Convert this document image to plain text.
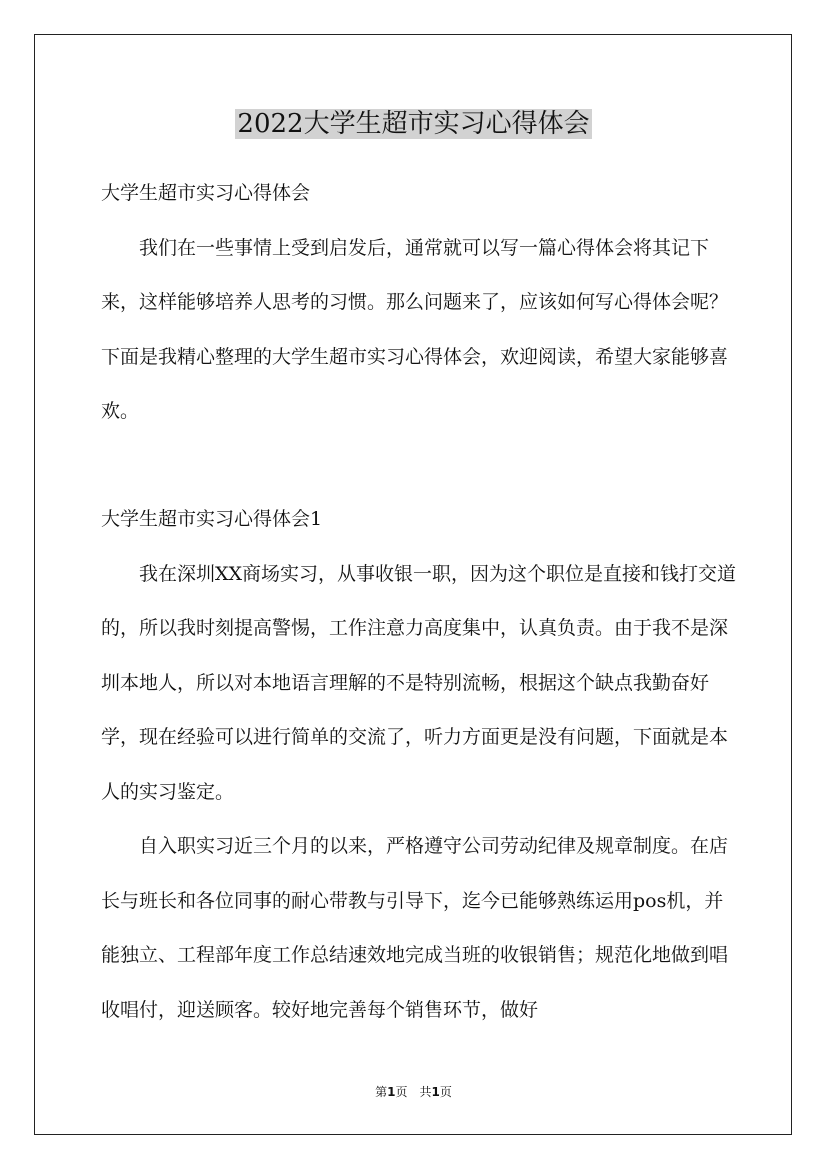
2022大学生超市实习心得体会

大学生超市实习心得体会

我们在一些事情上受到启发后，通常就可以写一篇心得体会将其记下来，这样能够培养人思考的习惯。那么问题来了，应该如何写心得体会呢？下面是我精心整理的大学生超市实习心得体会，欢迎阅读，希望大家能够喜欢。

大学生超市实习心得体会1

我在深圳XX商场实习，从事收银一职，因为这个职位是直接和钱打交道的，所以我时刻提高警惕，工作注意力高度集中，认真负责。由于我不是深圳本地人，所以对本地语言理解的不是特别流畅，根据这个缺点我勤奋好学，现在经验可以进行简单的交流了，听力方面更是没有问题，下面就是本人的实习鉴定。

自入职实习近三个月的以来，严格遵守公司劳动纪律及规章制度。在店长与班长和各位同事的耐心带教与引导下，迄今已能够熟练运用pos机，并能独立、工程部年度工作总结速效地完成当班的收银销售；规范化地做到唱收唱付，迎送顾客。较好地完善每个销售环节，做好

第1页　共1页
